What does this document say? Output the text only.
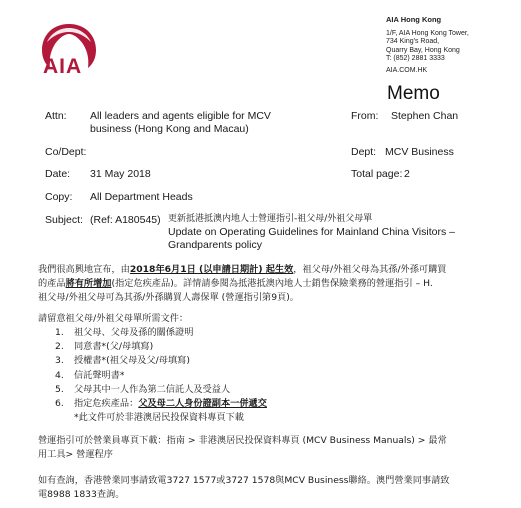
AIA
AIA Hong Kong
1/F, AIA Hong Kong Tower,
734 King's Road,
Quarry Bay, Hong Kong
T: (852) 2881 3333
AIA.COM.HK
Memo
Attn: All leaders and agents eligible for MCV
business (Hong Kong and Macau)
From: Stephen Chan
Co/Dept:	Dept: MCV Business
Date: 31 May 2018	Total page: 2
Copy: All Department Heads
Subject: (Ref: A180545) 更新抵港抵澳内地人士營運指引-祖父母/外祖父母單
Update on Operating Guidelines for Mainland China Visitors –
Grandparents policy
我們很高興地宣布，由2018年6月1日 (以申請日期計) 起生效，祖父母/外祖父母為其孫/外孫可購買
的產品將有所增加(指定危疾產品)。詳情請參閱為抵港抵澳內地人士銷售保險業務的營運指引 – H.
祖父母/外祖父母可為其孫/外孫購買人壽保單 (營運指引第9頁)。
請留意祖父母/外祖父母單所需文件：
1.	祖父母、父母及孫的關係證明
2.	同意書*(父/母填寫)
3.	授權書*(祖父母及父/母填寫)
4.	信託聲明書*
5.	父母其中一人作為第二信託人及受益人
6.	指定危疾產品： 父及母二人身份證副本一併遞交
*此文件可於非港澳居民投保資料專頁下載
營運指引可於營業員專頁下載：指南 > 非港澳居民投保資料專頁 (MCV Business Manuals) > 最常
用工具> 營運程序
如有查詢，香港營業同事請致電3727 1577或3727 1578與MCV Business聯絡。澳門營業同事請致
電8988 1833查詢。
